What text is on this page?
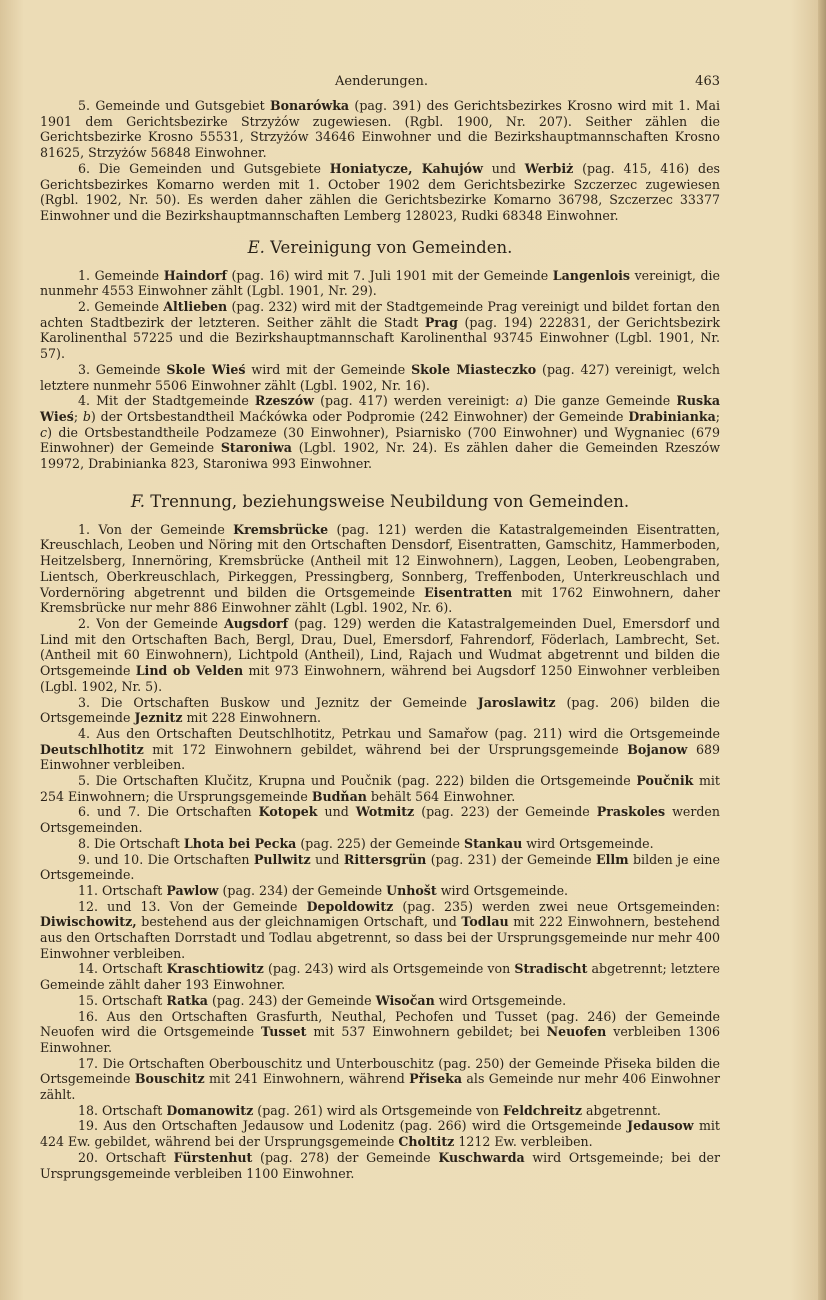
Aenderungen.	463

5. Gemeinde und Gutsgebiet Bonarówka (pag. 391) des Gerichtsbezirkes Krosno wird mit 1. Mai 1901 dem Gerichtsbezirke Strzyżów zugewiesen. (Rgbl. 1900, Nr. 207). Seither zählen die Gerichtsbezirke Krosno 55531, Strzyżów 34646 Einwohner und die Bezirkshauptmannschaften Krosno 81625, Strzyżów 56848 Einwohner.

6. Die Gemeinden und Gutsgebiete Honiatycze, Kahujów und Werbiż (pag. 415, 416) des Gerichtsbezirkes Komarno werden mit 1. October 1902 dem Gerichtsbezirke Szczerzec zugewiesen (Rgbl. 1902, Nr. 50). Es werden daher zählen die Gerichtsbezirke Komarno 36798, Szczerzec 33377 Einwohner und die Bezirkshauptmannschaften Lemberg 128023, Rudki 68348 Einwohner.

E. Vereinigung von Gemeinden.

1. Gemeinde Haindorf (pag. 16) wird mit 7. Juli 1901 mit der Gemeinde Langenlois vereinigt, die nunmehr 4553 Einwohner zählt (Lgbl. 1901, Nr. 29).

2. Gemeinde Altlieben (pag. 232) wird mit der Stadtgemeinde Prag vereinigt und bildet fortan den achten Stadtbezirk der letzteren. Seither zählt die Stadt Prag (pag. 194) 222831, der Gerichtsbezirk Karolinenthal 57225 und die Bezirkshauptmannschaft Karolinenthal 93745 Einwohner (Lgbl. 1901, Nr. 57).

3. Gemeinde Skole Wieś wird mit der Gemeinde Skole Miasteczko (pag. 427) vereinigt, welch letztere nunmehr 5506 Einwohner zählt (Lgbl. 1902, Nr. 16).

4. Mit der Stadtgemeinde Rzeszów (pag. 417) werden vereinigt: a) Die ganze Gemeinde Ruska Wieś; b) der Ortsbestandtheil Maćkówka oder Podpromie (242 Einwohner) der Gemeinde Drabinianka; c) die Ortsbestandtheile Podzameze (30 Einwohner), Psiarnisko (700 Einwohner) und Wygnaniec (679 Einwohner) der Gemeinde Staroniwa (Lgbl. 1902, Nr. 24). Es zählen daher die Gemeinden Rzeszów 19972, Drabinianka 823, Staroniwa 993 Einwohner.

F. Trennung, beziehungsweise Neubildung von Gemeinden.

1. Von der Gemeinde Kremsbrücke (pag. 121) werden die Katastralgemeinden Eisentratten, Kreuschlach, Leoben und Nöring mit den Ortschaften Densdorf, Eisentratten, Gamschitz, Hammerboden, Heitzelsberg, Innernöring, Kremsbrücke (Antheil mit 12 Einwohnern), Laggen, Leoben, Leobengraben, Lientsch, Oberkreuschlach, Pirkeggen, Pressingberg, Sonnberg, Treffenboden, Unterkreuschlach und Vordernöring abgetrennt und bilden die Ortsgemeinde Eisentratten mit 1762 Einwohnern, daher Kremsbrücke nur mehr 886 Einwohner zählt (Lgbl. 1902, Nr. 6).

2. Von der Gemeinde Augsdorf (pag. 129) werden die Katastralgemeinden Duel, Emersdorf und Lind mit den Ortschaften Bach, Bergl, Drau, Duel, Emersdorf, Fahrendorf, Föderlach, Lambrecht, Set. (Antheil mit 60 Einwohnern), Lichtpold (Antheil), Lind, Rajach und Wudmat abgetrennt und bilden die Ortsgemeinde Lind ob Velden mit 973 Einwohnern, während bei Augsdorf 1250 Einwohner verbleiben (Lgbl. 1902, Nr. 5).

3. Die Ortschaften Buskow und Jeznitz der Gemeinde Jaroslawitz (pag. 206) bilden die Ortsgemeinde Jeznitz mit 228 Einwohnern.

4. Aus den Ortschaften Deutschlhotitz, Petrkau und Samařow (pag. 211) wird die Ortsgemeinde Deutschlhotitz mit 172 Einwohnern gebildet, während bei der Ursprungsgemeinde Bojanow 689 Einwohner verbleiben.

5. Die Ortschaften Klučitz, Krupna und Poučnik (pag. 222) bilden die Ortsgemeinde Poučnik mit 254 Einwohnern; die Ursprungsgemeinde Budňan behält 564 Einwohner.

6. und 7. Die Ortschaften Kotopek und Wotmitz (pag. 223) der Gemeinde Praskoles werden Ortsgemeinden.

8. Die Ortschaft Lhota bei Pecka (pag. 225) der Gemeinde Stankau wird Ortsgemeinde.

9. und 10. Die Ortschaften Pullwitz und Rittersgrün (pag. 231) der Gemeinde Ellm bilden je eine Ortsgemeinde.

11. Ortschaft Pawlow (pag. 234) der Gemeinde Unhošt wird Ortsgemeinde.

12. und 13. Von der Gemeinde Depoldowitz (pag. 235) werden zwei neue Ortsgemeinden: Diwischowitz, bestehend aus der gleichnamigen Ortschaft, und Todlau mit 222 Einwohnern, bestehend aus den Ortschaften Dorrstadt und Todlau abgetrennt, so dass bei der Ursprungsgemeinde nur mehr 400 Einwohner verbleiben.

14. Ortschaft Kraschtiowitz (pag. 243) wird als Ortsgemeinde von Stradischt abgetrennt; letztere Gemeinde zählt daher 193 Einwohner.

15. Ortschaft Ratka (pag. 243) der Gemeinde Wisočan wird Ortsgemeinde.

16. Aus den Ortschaften Grasfurth, Neuthal, Pechofen und Tusset (pag. 246) der Gemeinde Neuofen wird die Ortsgemeinde Tusset mit 537 Einwohnern gebildet; bei Neuofen verbleiben 1306 Einwohner.

17. Die Ortschaften Oberbouschitz und Unterbouschitz (pag. 250) der Gemeinde Přiseka bilden die Ortsgemeinde Bouschitz mit 241 Einwohnern, während Přiseka als Gemeinde nur mehr 406 Einwohner zählt.

18. Ortschaft Domanowitz (pag. 261) wird als Ortsgemeinde von Feldchreitz abgetrennt.

19. Aus den Ortschaften Jedausow und Lodenitz (pag. 266) wird die Ortsgemeinde Jedausow mit 424 Ew. gebildet, während bei der Ursprungsgemeinde Choltitz 1212 Ew. verbleiben.

20. Ortschaft Fürstenhut (pag. 278) der Gemeinde Kuschwarda wird Ortsgemeinde; bei der Ursprungsgemeinde verbleiben 1100 Einwohner.
